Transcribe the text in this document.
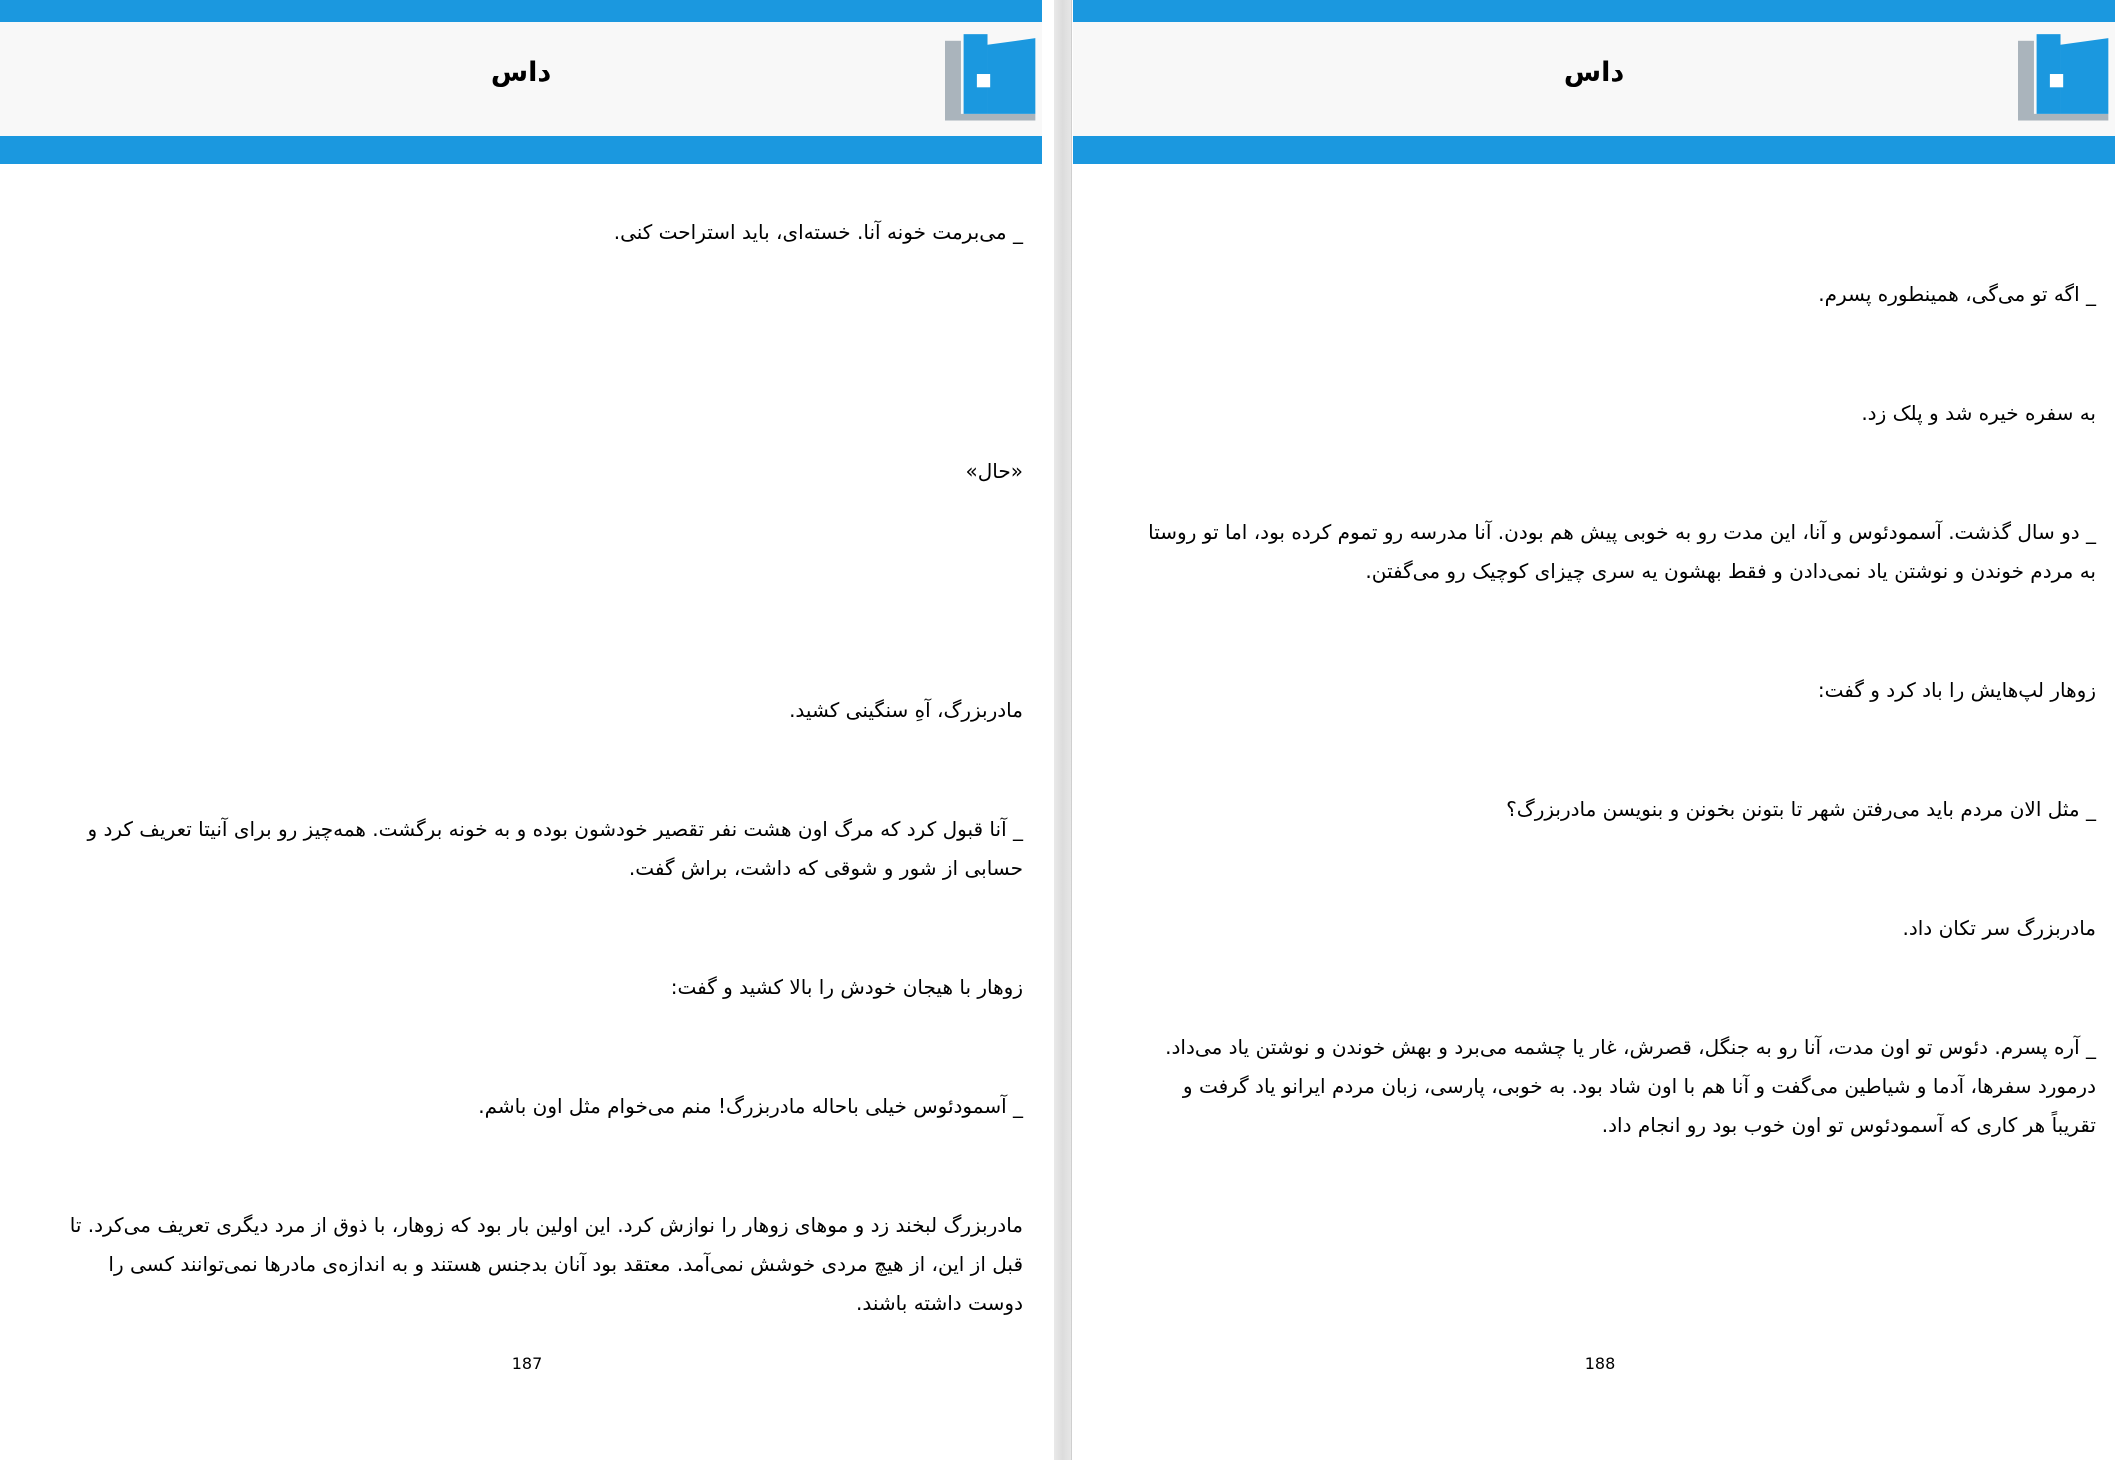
داس

_ می‌برمت خونه آنا. خسته‌ای، باید استراحت کنی.

«حال»

مادربزرگ، آهِ سنگینی کشید.

_ آنا قبول کرد که مرگ اون هشت نفر تقصیر خودشون بوده و به خونه برگشت. همه‌چیز رو برای آنیتا تعریف کرد و حسابی از شور و شوقی که داشت، براش گفت.

زوهار با هیجان خودش را بالا کشید و گفت:

_ آسمودئوس خیلی باحاله مادربزرگ! منم می‌خوام مثل اون باشم.

مادربزرگ لبخند زد و موهای زوهار را نوازش کرد. این اولین بار بود که زوهار، با ذوق از مرد دیگری تعریف می‌کرد. تا قبل از این، از هیچ مردی خوشش نمی‌آمد. معتقد بود آنان بدجنس هستند و به اندازه‌ی مادرها نمی‌توانند کسی را دوست داشته باشند.

187
داس

_ اگه تو می‌گی، همینطوره پسرم.

به سفره خیره شد و پلک زد.

_ دو سال گذشت. آسمودئوس و آنا، این مدت رو به خوبی پیش هم بودن. آنا مدرسه رو تموم کرده بود، اما تو روستا به مردم خوندن و نوشتن یاد نمی‌دادن و فقط بهشون یه سری چیزای کوچیک رو می‌گفتن.

زوهار لپ‌هایش را باد کرد و گفت:

_ مثل الان مردم باید می‌رفتن شهر تا بتونن بخونن و بنویسن مادربزرگ؟

مادربزرگ سر تکان داد.

_ آره پسرم. دئوس تو اون مدت، آنا رو به جنگل، قصرش، غار یا چشمه می‌برد و بهش خوندن و نوشتن یاد می‌داد. درمورد سفرها، آدما و شیاطین می‌گفت و آنا هم با اون شاد بود. به خوبی، پارسی، زبان مردم ایرانو یاد گرفت و تقریباً هر کاری که آسمودئوس تو اون خوب بود رو انجام داد.

188
